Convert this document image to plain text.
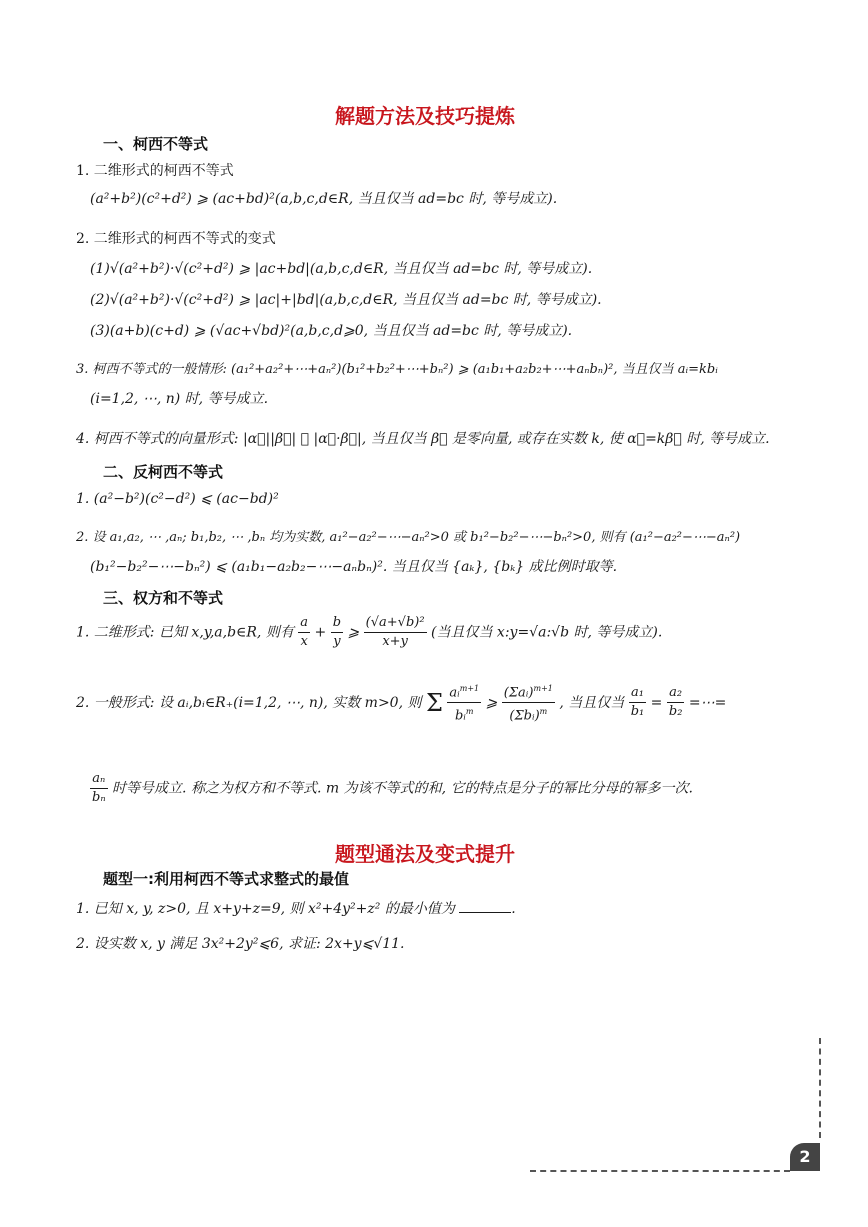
解题方法及技巧提炼
一、柯西不等式
1. 二维形式的柯西不等式
(a²+b²)(c²+d²) ⩾ (ac+bd)²(a,b,c,d∈R, 当且仅当 ad=bc 时, 等号成立).
2. 二维形式的柯西不等式的变式
(1)√(a²+b²)·√(c²+d²) ⩾ |ac+bd|(a,b,c,d∈R, 当且仅当 ad=bc 时, 等号成立).
(2)√(a²+b²)·√(c²+d²) ⩾ |ac|+|bd|(a,b,c,d∈R, 当且仅当 ad=bc 时, 等号成立).
(3)(a+b)(c+d) ⩾ (√ac+√bd)²(a,b,c,d⩾0, 当且仅当 ad=bc 时, 等号成立).
3. 柯西不等式的一般情形: (a₁²+a₂²+⋯+aₙ²)(b₁²+b₂²+⋯+bₙ²) ⩾ (a₁b₁+a₂b₂+⋯+aₙbₙ)², 当且仅当 aᵢ=kbᵢ
(i=1,2, ⋯, n) 时, 等号成立.
4. 柯西不等式的向量形式: |α⃗||β⃗| ⩾ |α⃗·β⃗|, 当且仅当 β⃗ 是零向量, 或存在实数 k, 使 α⃗=kβ⃗ 时, 等号成立.
二、反柯西不等式
1. (a²−b²)(c²−d²) ⩽ (ac−bd)²
2. 设 a₁,a₂, ⋯ ,aₙ; b₁,b₂, ⋯ ,bₙ 均为实数, a₁²−a₂²−⋯−aₙ²>0 或 b₁²−b₂²−⋯−bₙ²>0, 则有 (a₁²−a₂²−⋯−aₙ²)
(b₁²−b₂²−⋯−bₙ²) ⩽ (a₁b₁−a₂b₂−⋯−aₙbₙ)². 当且仅当 {aₖ}, {bₖ} 成比例时取等.
三、权方和不等式
1. 二维形式: 已知 x,y,a,b∈R, 则有 $\frac{a}{x} + \frac{b}{y}$ ⩾ $\frac{\text{(√a+√b)²}}{x+y}$ (当且仅当 x:y=√a:√b 时, 等号成立).
2. 一般形式: 设 aᵢ,bᵢ∈R₊(i=1,2, ⋯, n), 实数 m>0, 则 Σ $\frac{aᵢ^{m+1}}{bᵢ^m}$ ⩾ $\frac{(\Sigma aᵢ)^{m+1}}{(\Sigma bᵢ)^m}$ , 当且仅当 $\frac{\text{a₁}}{\text{b₁}} = \frac{\text{a₂}}{\text{b₂}}$ =⋯=
$\frac{\text{aₙ}}{\text{bₙ}}$ 时等号成立. 称之为权方和不等式. m 为该不等式的和, 它的特点是分子的幂比分母的幂多一次.
题型通法及变式提升
题型一:利用柯西不等式求整式的最值
1. 已知 x, y, z>0, 且 x+y+z=9, 则 x²+4y²+z² 的最小值为	.
2. 设实数 x, y 满足 3x²+2y²⩽6, 求证: 2x+y⩽√11.
2
